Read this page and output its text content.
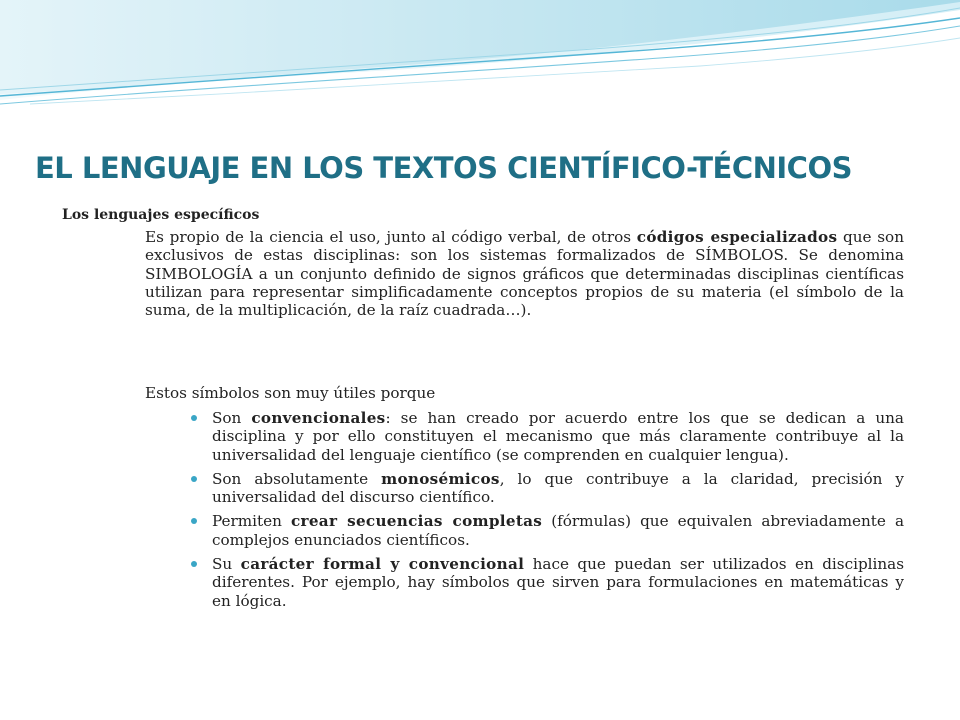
EL LENGUAJE EN LOS TEXTOS CIENTÍFICO-TÉCNICOS
Los lenguajes específicos

Es propio de la ciencia el uso, junto al código verbal, de otros códigos especializados que son exclusivos de estas disciplinas: son los sistemas formalizados de SÍMBOLOS. Se denomina SIMBOLOGÍA a un conjunto definido de signos gráficos que determinadas disciplinas científicas utilizan para representar simplificadamente conceptos propios de su materia (el símbolo de la suma, de la multiplicación, de la raíz cuadrada…).

Estos símbolos son muy útiles porque

Son convencionales: se han creado por acuerdo entre los que se dedican a una disciplina y por ello constituyen el mecanismo que más claramente contribuye al la universalidad del lenguaje científico (se comprenden en cualquier lengua).
Son absolutamente monosémicos, lo que contribuye a la claridad, precisión y universalidad del discurso científico.
Permiten crear secuencias completas (fórmulas) que equivalen abreviadamente a complejos enunciados científicos.
Su carácter formal y convencional hace que puedan ser utilizados en disciplinas diferentes. Por ejemplo, hay símbolos que sirven para formulaciones en matemáticas y en lógica.
